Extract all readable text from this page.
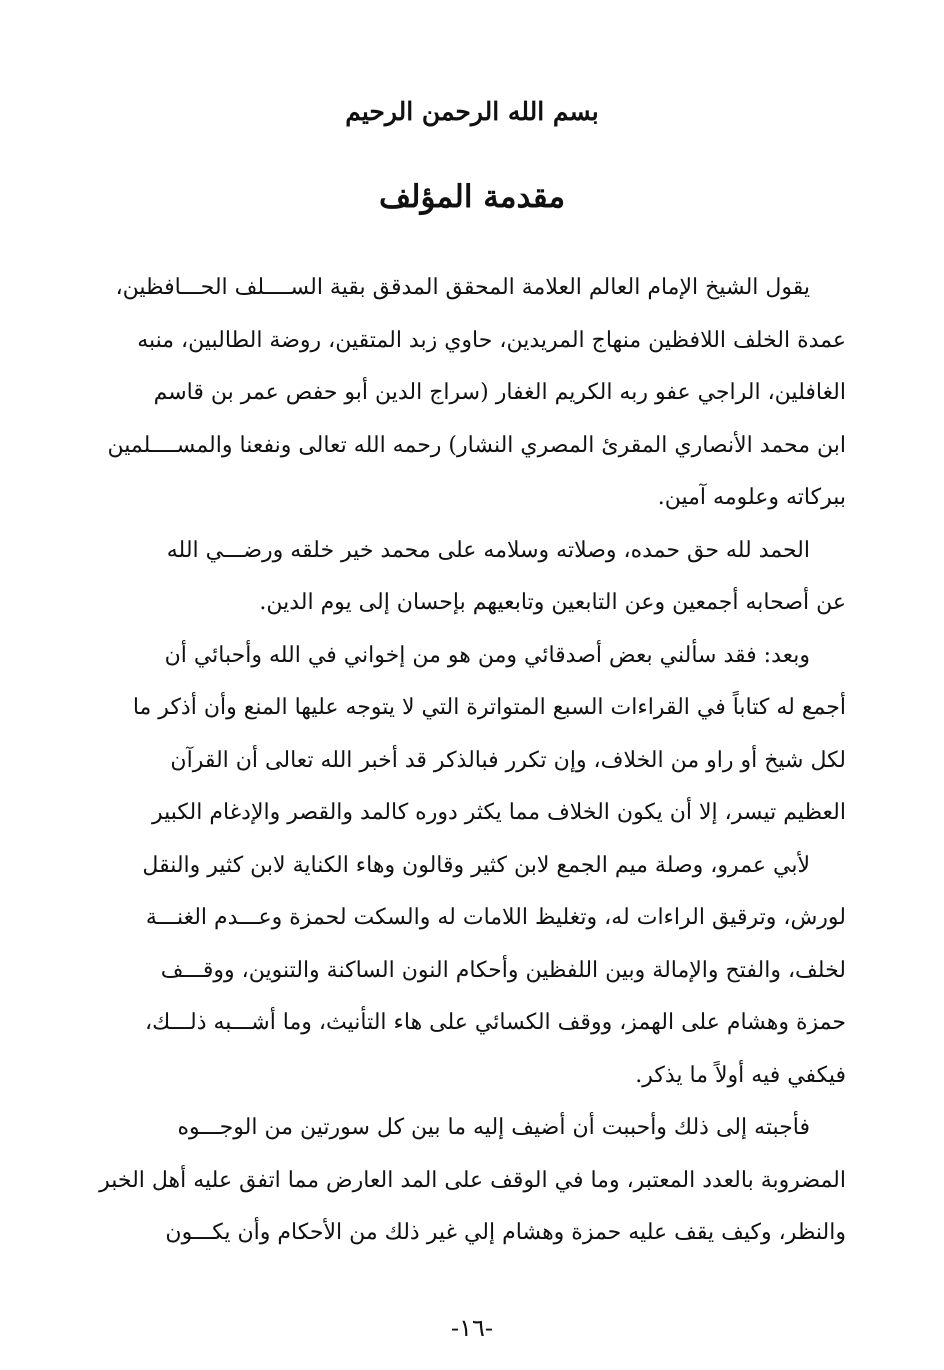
بسم الله الرحمن الرحيم
مقدمة المؤلف
يقول الشيخ الإمام العالم العلامة المحقق المدقق بقية الســــلف الحـــافظين،
عمدة الخلف اللافظين منهاج المريدين، حاوي زبد المتقين، روضة الطالبين، منبه
الغافلين، الراجي عفو ربه الكريم الغفار (سراج الدين أبو حفص عمر بن قاسم
ابن محمد الأنصاري المقرئ المصري النشار) رحمه الله تعالى ونفعنا والمســــلمين
ببركاته وعلومه آمين.
الحمد لله حق حمده، وصلاته وسلامه على محمد خير خلقه ورضـــي الله
عن أصحابه أجمعين وعن التابعين وتابعيهم بإحسان إلى يوم الدين.
وبعد: فقد سألني بعض أصدقائي ومن هو من إخواني في الله وأحبائي أن
أجمع له كتاباً في القراءات السبع المتواترة التي لا يتوجه عليها المنع وأن أذكر ما
لكل شيخ أو راو من الخلاف، وإن تكرر فبالذكر قد أخبر الله تعالى أن القرآن
العظيم تيسر، إلا أن يكون الخلاف مما يكثر دوره كالمد والقصر والإدغام الكبير
لأبي عمرو، وصلة ميم الجمع لابن كثير وقالون وهاء الكناية لابن كثير والنقل
لورش، وترقيق الراءات له، وتغليظ اللامات له والسكت لحمزة وعـــدم الغنـــة
لخلف، والفتح والإمالة وبين اللفظين وأحكام النون الساكنة والتنوين، ووقـــف
حمزة وهشام على الهمز، ووقف الكسائي على هاء التأنيث، وما أشـــبه ذلـــك،
فيكفي فيه أولاً ما يذكر.
فأجبته إلى ذلك وأحببت أن أضيف إليه ما بين كل سورتين من الوجـــوه
المضروبة بالعدد المعتبر، وما في الوقف على المد العارض مما اتفق عليه أهل الخبر
والنظر، وكيف يقف عليه حمزة وهشام إلي غير ذلك من الأحكام وأن يكـــون
-١٦-
